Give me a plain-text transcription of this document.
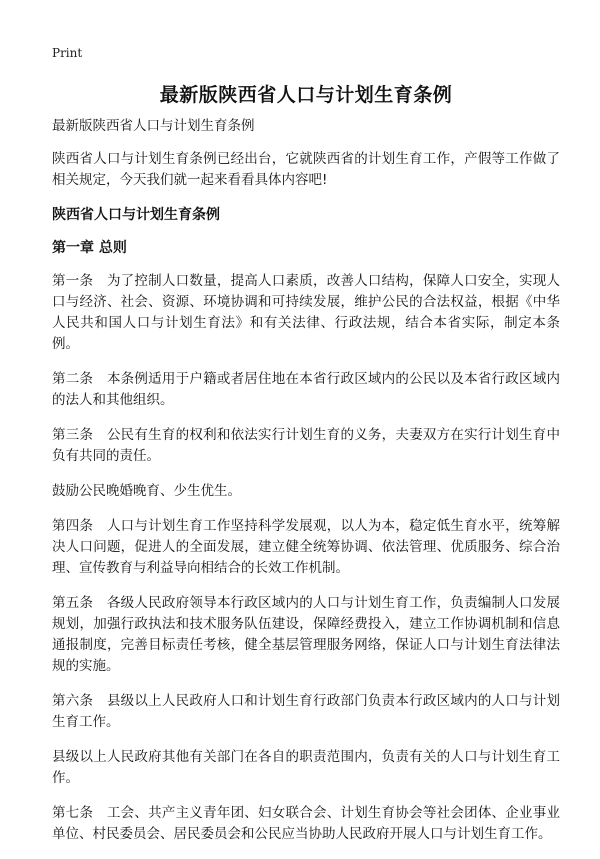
Print
最新版陕西省人口与计划生育条例

最新版陕西省人口与计划生育条例

陕西省人口与计划生育条例已经出台，它就陕西省的计划生育工作，产假等工作做了相关规定，今天我们就一起来看看具体内容吧!

陕西省人口与计划生育条例

第一章 总则

第一条　为了控制人口数量，提高人口素质，改善人口结构，保障人口安全，实现人口与经济、社会、资源、环境协调和可持续发展，维护公民的合法权益，根据《中华人民共和国人口与计划生育法》和有关法律、行政法规，结合本省实际，制定本条例。

第二条　本条例适用于户籍或者居住地在本省行政区域内的公民以及本省行政区域内的法人和其他组织。

第三条　公民有生育的权利和依法实行计划生育的义务，夫妻双方在实行计划生育中负有共同的责任。

鼓励公民晚婚晚育、少生优生。

第四条　人口与计划生育工作坚持科学发展观，以人为本，稳定低生育水平，统筹解决人口问题，促进人的全面发展，建立健全统筹协调、依法管理、优质服务、综合治理、宣传教育与利益导向相结合的长效工作机制。

第五条　各级人民政府领导本行政区域内的人口与计划生育工作，负责编制人口发展规划，加强行政执法和技术服务队伍建设，保障经费投入，建立工作协调机制和信息通报制度，完善目标责任考核，健全基层管理服务网络，保证人口与计划生育法律法规的实施。

第六条　县级以上人民政府人口和计划生育行政部门负责本行政区域内的人口与计划生育工作。

县级以上人民政府其他有关部门在各自的职责范围内，负责有关的人口与计划生育工作。

第七条　工会、共产主义青年团、妇女联合会、计划生育协会等社会团体、企业事业单位、村民委员会、居民委员会和公民应当协助人民政府开展人口与计划生育工作。
